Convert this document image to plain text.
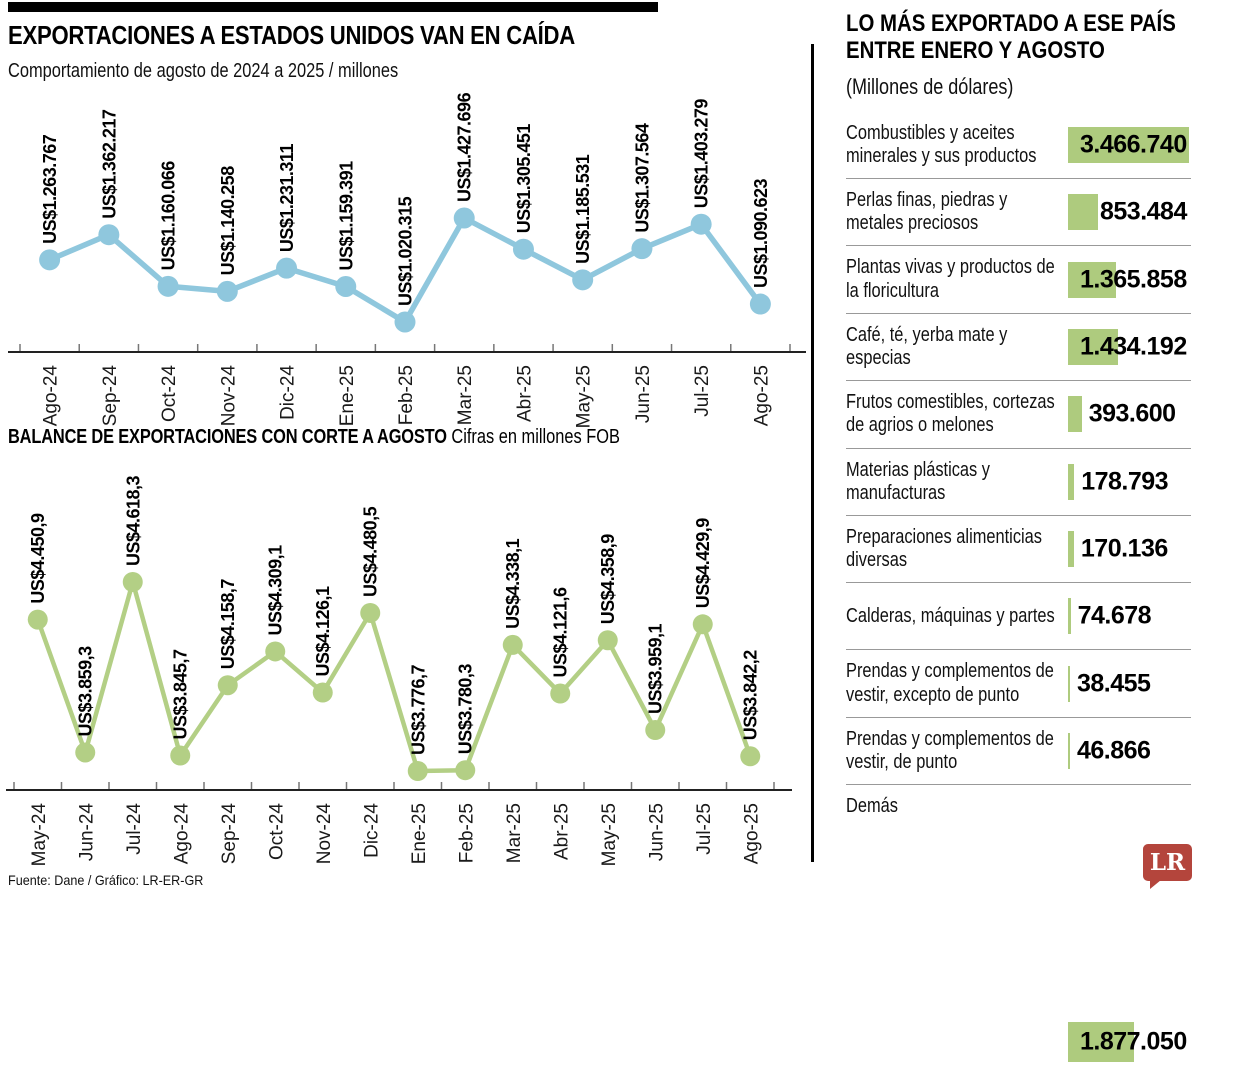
EXPORTACIONES A ESTADOS UNIDOS VAN EN CAÍDA
Comportamiento de agosto de 2024 a 2025 / millones
US$1.263.767
Ago-24
US$1.362.217
Sep-24
US$1.160.066
Oct-24
US$1.140.258
Nov-24
US$1.231.311
Dic-24
US$1.159.391
Ene-25
US$1.020.315
Feb-25
US$1.427.696
Mar-25
US$1.305.451
Abr-25
US$1.185.531
May-25
US$1.307.564
Jun-25
US$1.403.279
Jul-25
US$1.090.623
Ago-25
BALANCE DE EXPORTACIONES CON CORTE A AGOSTO Cifras en millones FOB
US$4.450,9
May-24
US$3.859,3
Jun-24
US$4.618,3
Jul-24
US$3.845,7
Ago-24
US$4.158,7
Sep-24
US$4.309,1
Oct-24
US$4.126,1
Nov-24
US$4.480,5
Dic-24
US$3.776,7
Ene-25
US$3.780,3
Feb-25
US$4.338,1
Mar-25
US$4.121,6
Abr-25
US$4.358,9
May-25
US$3.959,1
Jun-25
US$4.429,9
Jul-25
US$3.842,2
Ago-25
LO MÁS EXPORTADO A ESE PAÍS
ENTRE ENERO Y AGOSTO
(Millones de dólares)
Combustibles y aceites
minerales y sus productos	3.466.740
Perlas finas, piedras y
metales preciosos	853.484
Plantas vivas y productos de
la floricultura	1.365.858
Café, té, yerba mate y
especias	1.434.192
Frutos comestibles, cortezas
de agrios o melones	393.600
Materias plásticas y
manufacturas	178.793
Preparaciones alimenticias
diversas	170.136
Calderas, máquinas y partes 74.678
Prendas y complementos de
vestir, excepto de punto	38.455
Prendas y complementos de
vestir, de punto	46.866
Demás
1.877.050
Fuente: Dane / Gráfico: LR-ER-GR
LR
